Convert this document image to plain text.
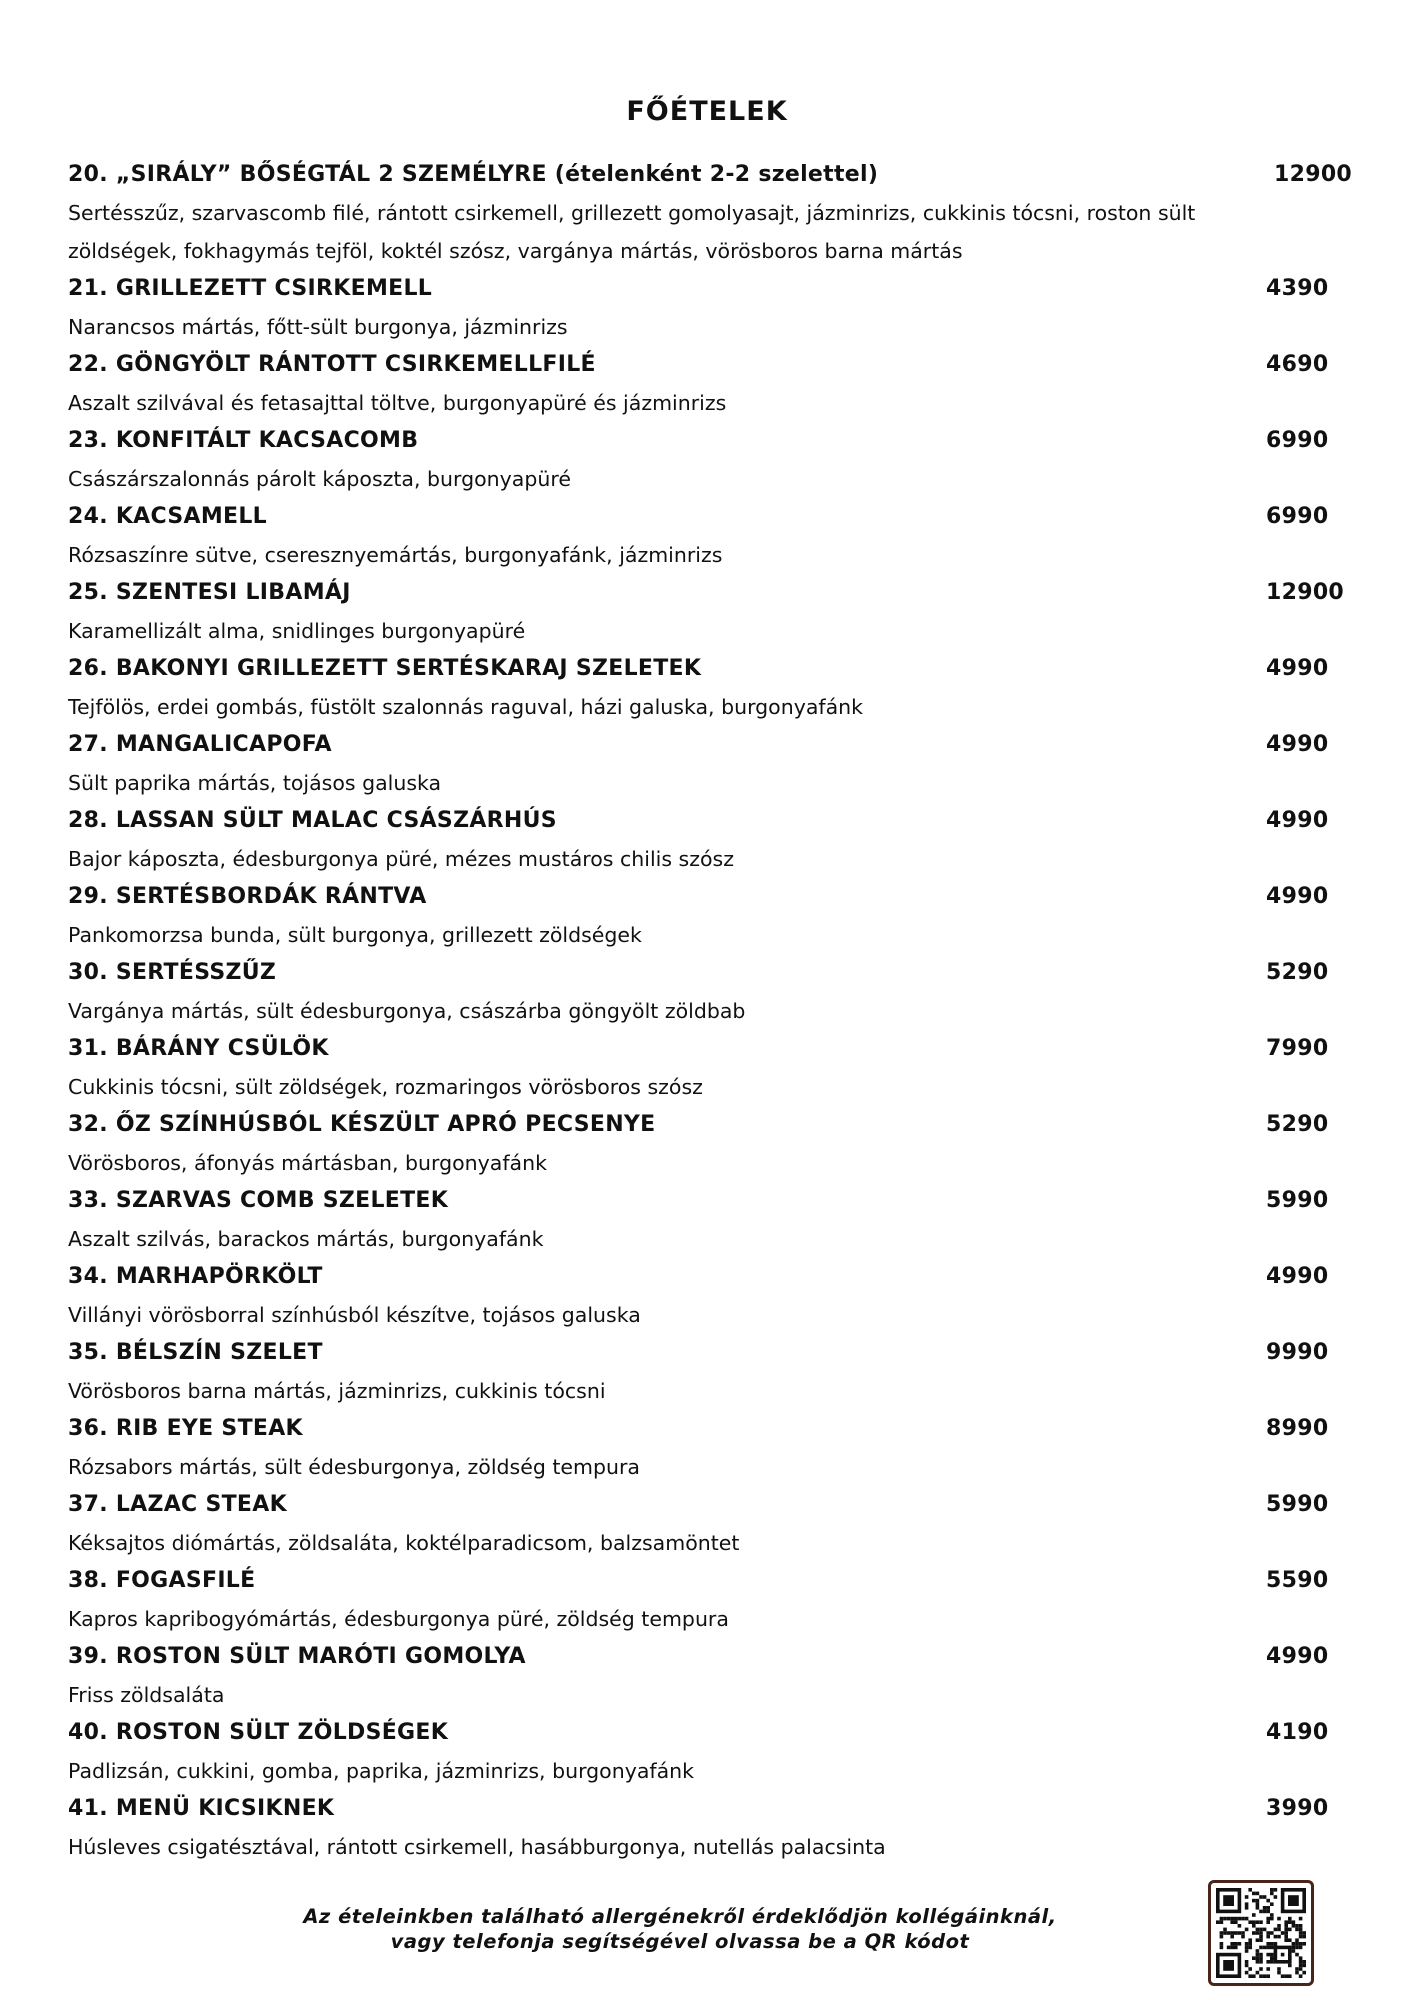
FŐÉTELEK
20. „SIRÁLY” BŐSÉGTÁL 2 SZEMÉLYRE (ételenként 2-2 szelettel)	12900
Sertésszűz, szarvascomb filé, rántott csirkemell, grillezett gomolyasajt, jázminrizs, cukkinis tócsni, roston sült zöldségek, fokhagymás tejföl, koktél szósz, vargánya mártás, vörösboros barna mártás
21. GRILLEZETT CSIRKEMELL	4390
Narancsos mártás, főtt-sült burgonya, jázminrizs
22. GÖNGYÖLT RÁNTOTT CSIRKEMELLFILÉ	4690
Aszalt szilvával és fetasajttal töltve, burgonyapüré és jázminrizs
23. KONFITÁLT KACSACOMB	6990
Császárszalonnás párolt káposzta, burgonyapüré
24. KACSAMELL	6990
Rózsaszínre sütve, cseresznyemártás, burgonyafánk, jázminrizs
25. SZENTESI LIBAMÁJ	12900
Karamellizált alma, snidlinges burgonyapüré
26. BAKONYI GRILLEZETT SERTÉSKARAJ SZELETEK	4990
Tejfölös, erdei gombás, füstölt szalonnás raguval, házi galuska, burgonyafánk
27. MANGALICAPOFA	4990
Sült paprika mártás, tojásos galuska
28. LASSAN SÜLT MALAC CSÁSZÁRHÚS	4990
Bajor káposzta, édesburgonya püré, mézes mustáros chilis szósz
29. SERTÉSBORDÁK RÁNTVA	4990
Pankomorzsa bunda, sült burgonya, grillezett zöldségek
30. SERTÉSSZŰZ	5290
Vargánya mártás, sült édesburgonya, császárba göngyölt zöldbab
31. BÁRÁNY CSÜLÖK	7990
Cukkinis tócsni, sült zöldségek, rozmaringos vörösboros szósz
32. ŐZ SZÍNHÚSBÓL KÉSZÜLT APRÓ PECSENYE	5290
Vörösboros, áfonyás mártásban, burgonyafánk
33. SZARVAS COMB SZELETEK	5990
Aszalt szilvás, barackos mártás, burgonyafánk
34. MARHAPÖRKÖLT	4990
Villányi vörösborral színhúsból készítve, tojásos galuska
35. BÉLSZÍN SZELET	9990
Vörösboros barna mártás, jázminrizs, cukkinis tócsni
36. RIB EYE STEAK	8990
Rózsabors mártás, sült édesburgonya, zöldség tempura
37. LAZAC STEAK	5990
Kéksajtos diómártás, zöldsaláta, koktélparadicsom, balzsamöntet
38. FOGASFILÉ	5590
Kapros kapribogyómártás, édesburgonya püré, zöldség tempura
39. ROSTON SÜLT MARÓTI GOMOLYA	4990
Friss zöldsaláta
40. ROSTON SÜLT ZÖLDSÉGEK	4190
Padlizsán, cukkini, gomba, paprika, jázminrizs, burgonyafánk
41. MENÜ KICSIKNEK	3990
Húsleves csigatésztával, rántott csirkemell, hasábburgonya, nutellás palacsinta
Az ételeinkben található allergénekről érdeklődjön kollégáinknál,
vagy telefonja segítségével olvassa be a QR kódot
